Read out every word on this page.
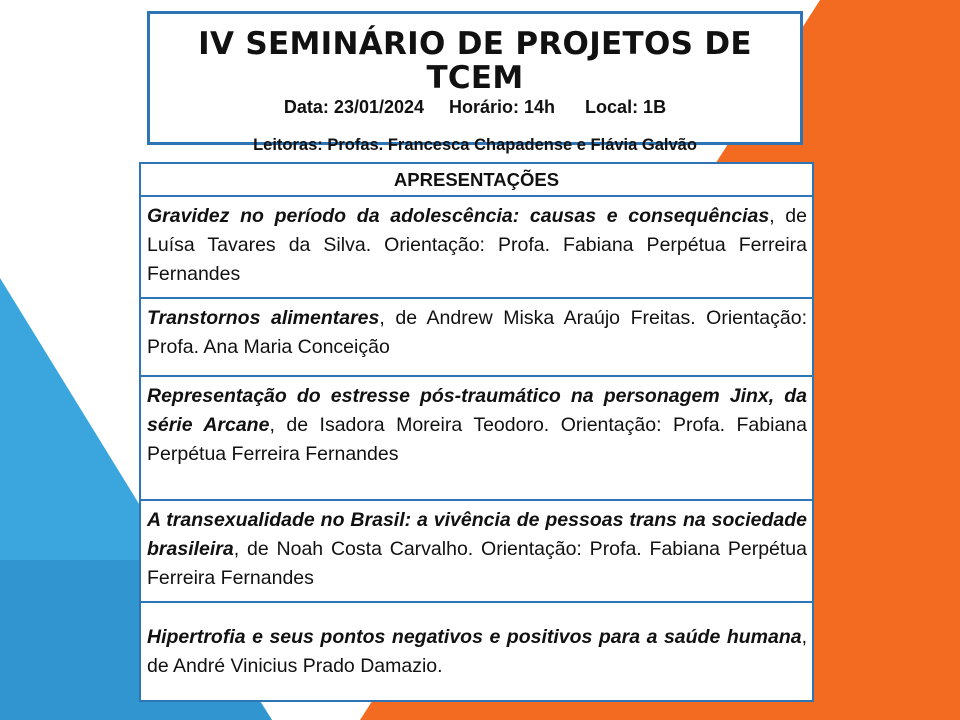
IV SEMINÁRIO DE PROJETOS DE TCEM
Data: 23/01/2024     Horário: 14h      Local: 1B
Leitoras: Profas. Francesca Chapadense e Flávia Galvão
APRESENTAÇÕES
Gravidez no período da adolescência: causas e consequências, de Luísa Tavares da Silva. Orientação: Profa. Fabiana Perpétua Ferreira Fernandes
Transtornos alimentares, de Andrew Miska Araújo Freitas. Orientação: Profa. Ana Maria Conceição
Representação do estresse pós-traumático na personagem Jinx, da série Arcane, de Isadora Moreira Teodoro. Orientação: Profa. Fabiana Perpétua Ferreira Fernandes
A transexualidade no Brasil: a vivência de pessoas trans na sociedade brasileira, de Noah Costa Carvalho. Orientação: Profa. Fabiana Perpétua Ferreira Fernandes
Hipertrofia e seus pontos negativos e positivos para a saúde humana, de André Vinicius Prado Damazio.
